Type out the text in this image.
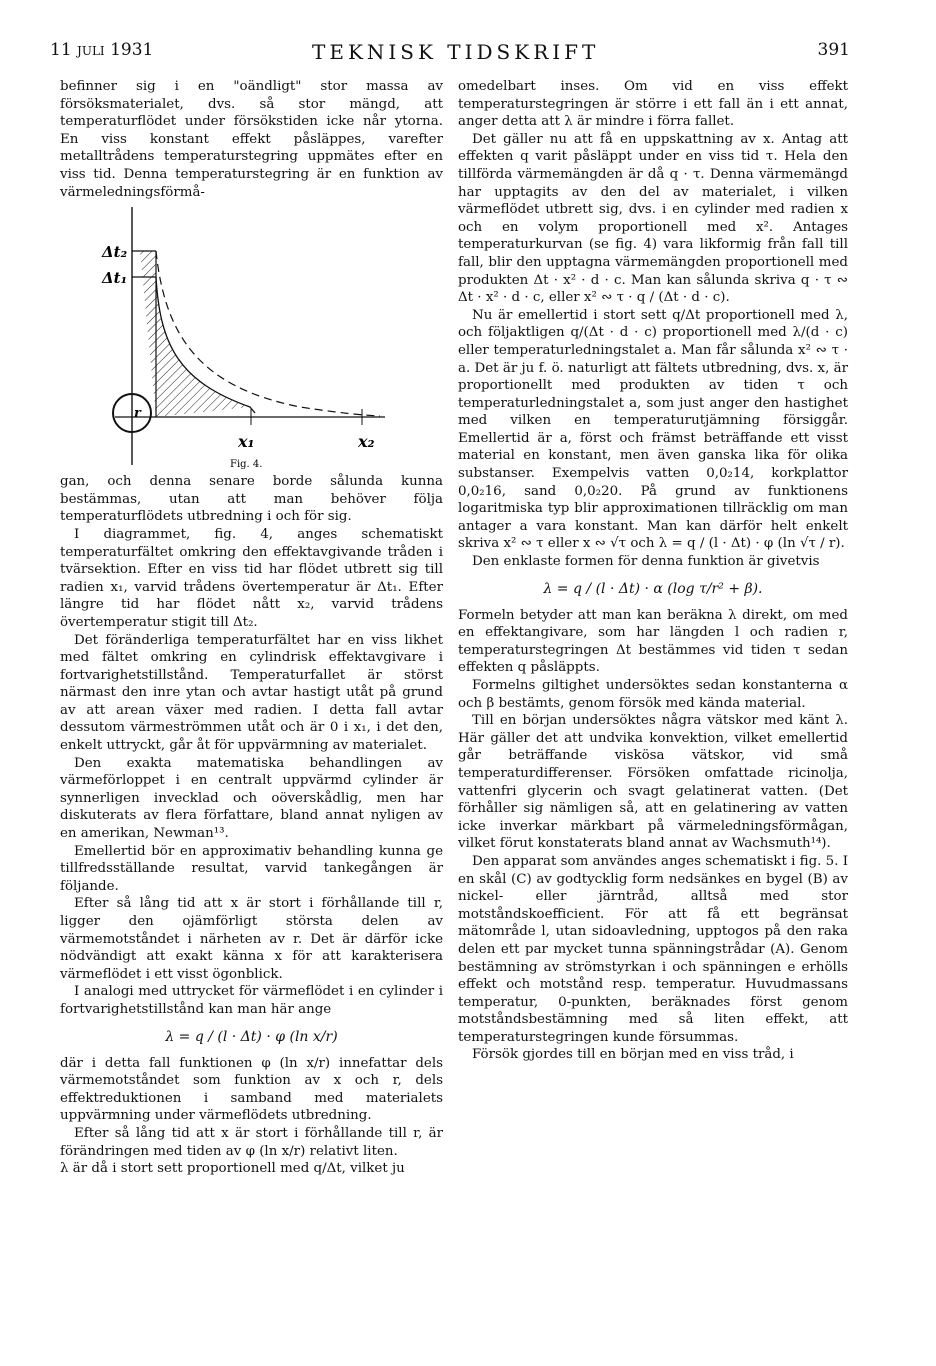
11 juli 1931	TEKNISK TIDSKRIFT	391

befinner sig i en "oändligt" stor massa av försöksmaterialet, dvs. så stor mängd, att temperaturflödet under försökstiden icke når ytorna. En viss konstant effekt påsläppes, varefter metalltrådens temperaturstegring uppmätes efter en viss tid. Denna temperaturstegring är en funktion av värmeledningsförmå-

Δt₂
Δt₁
r
x₁	x₂
Fig. 4.

gan, och denna senare borde sålunda kunna bestämmas, utan att man behöver följa temperaturflödets utbredning i och för sig.

I diagrammet, fig. 4, anges schematiskt temperaturfältet omkring den effektavgivande tråden i tvärsektion. Efter en viss tid har flödet utbrett sig till radien x₁, varvid trådens övertemperatur är Δt₁. Efter längre tid har flödet nått x₂, varvid trådens övertemperatur stigit till Δt₂.

Det föränderliga temperaturfältet har en viss likhet med fältet omkring en cylindrisk effektavgivare i fortvarighetstillstånd. Temperaturfallet är störst närmast den inre ytan och avtar hastigt utåt på grund av att arean växer med radien. I detta fall avtar dessutom värmeströmmen utåt och är 0 i x₁, i det den, enkelt uttryckt, går åt för uppvärmning av materialet.

Den exakta matematiska behandlingen av värmeförloppet i en centralt uppvärmd cylinder är synnerligen invecklad och oöverskådlig, men har diskuterats av flera författare, bland annat nyligen av en amerikan, Newman¹³.

Emellertid bör en approximativ behandling kunna ge tillfredsställande resultat, varvid tankegången är följande.

Efter så lång tid att x är stort i förhållande till r, ligger den ojämförligt största delen av värmemotståndet i närheten av r. Det är därför icke nödvändigt att exakt känna x för att karakterisera värmeflödet i ett visst ögonblick.

I analogi med uttrycket för värmeflödet i en cylinder i fortvarighetstillstånd kan man här ange

λ = q / (l · Δt) · φ (ln x/r)

där i detta fall funktionen φ (ln x/r) innefattar dels värmemotståndet som funktion av x och r, dels effektreduktionen i samband med materialets uppvärmning under värmeflödets utbredning.

Efter så lång tid att x är stort i förhållande till r, är förändringen med tiden av φ (ln x/r) relativt liten.

λ är då i stort sett proportionell med q/Δt, vilket ju

omedelbart inses. Om vid en viss effekt temperaturstegringen är större i ett fall än i ett annat, anger detta att λ är mindre i förra fallet.

Det gäller nu att få en uppskattning av x. Antag att effekten q varit påsläppt under en viss tid τ. Hela den tillförda värmemängden är då q · τ. Denna värmemängd har upptagits av den del av materialet, i vilken värmeflödet utbrett sig, dvs. i en cylinder med radien x och en volym proportionell med x². Antages temperaturkurvan (se fig. 4) vara likformig från fall till fall, blir den upptagna värmemängden proportionell med produkten Δt · x² · d · c. Man kan sålunda skriva q · τ ∾ Δt · x² · d · c, eller x² ∾ τ · q / (Δt · d · c).

Nu är emellertid i stort sett q/Δt proportionell med λ, och följaktligen q/(Δt · d · c) proportionell med λ/(d · c) eller temperaturledningstalet a. Man får sålunda x² ∾ τ · a. Det är ju f. ö. naturligt att fältets utbredning, dvs. x, är proportionellt med produkten av tiden τ och temperaturledningstalet a, som just anger den hastighet med vilken en temperaturutjämning försiggår. Emellertid är a, först och främst beträffande ett visst material en konstant, men även ganska lika för olika substanser. Exempelvis vatten 0,0₂14, korkplattor 0,0₂16, sand 0,0₂20. På grund av funktionens logaritmiska typ blir approximationen tillräcklig om man antager a vara konstant. Man kan därför helt enkelt skriva x² ∾ τ eller x ∾ √τ och λ = q / (l · Δt) · φ (ln √τ / r).

Den enklaste formen för denna funktion är givetvis

λ = q / (l · Δt) · α (log τ/r² + β).

Formeln betyder att man kan beräkna λ direkt, om med en effektangivare, som har längden l och radien r, temperaturstegringen Δt bestämmes vid tiden τ sedan effekten q påsläppts.

Formelns giltighet undersöktes sedan konstanterna α och β bestämts, genom försök med kända material.

Till en början undersöktes några vätskor med känt λ. Här gäller det att undvika konvektion, vilket emellertid går beträffande viskösa vätskor, vid små temperaturdifferenser. Försöken omfattade ricinolja, vattenfri glycerin och svagt gelatinerat vatten. (Det förhåller sig nämligen så, att en gelatinering av vatten icke inverkar märkbart på värmeledningsförmågan, vilket förut konstaterats bland annat av Wachsmuth¹⁴).

Den apparat som användes anges schematiskt i fig. 5. I en skål (C) av godtycklig form nedsänkes en bygel (B) av nickel- eller järntråd, alltså med stor motståndskoefficient. För att få ett begränsat mätområde l, utan sidoavledning, upptogos på den raka delen ett par mycket tunna spänningstrådar (A). Genom bestämning av strömstyrkan i och spänningen e erhölls effekt och motstånd resp. temperatur. Huvudmassans temperatur, 0-punkten, beräknades först genom motståndsbestämning med så liten effekt, att temperaturstegringen kunde försummas.

Försök gjordes till en början med en viss tråd, i
